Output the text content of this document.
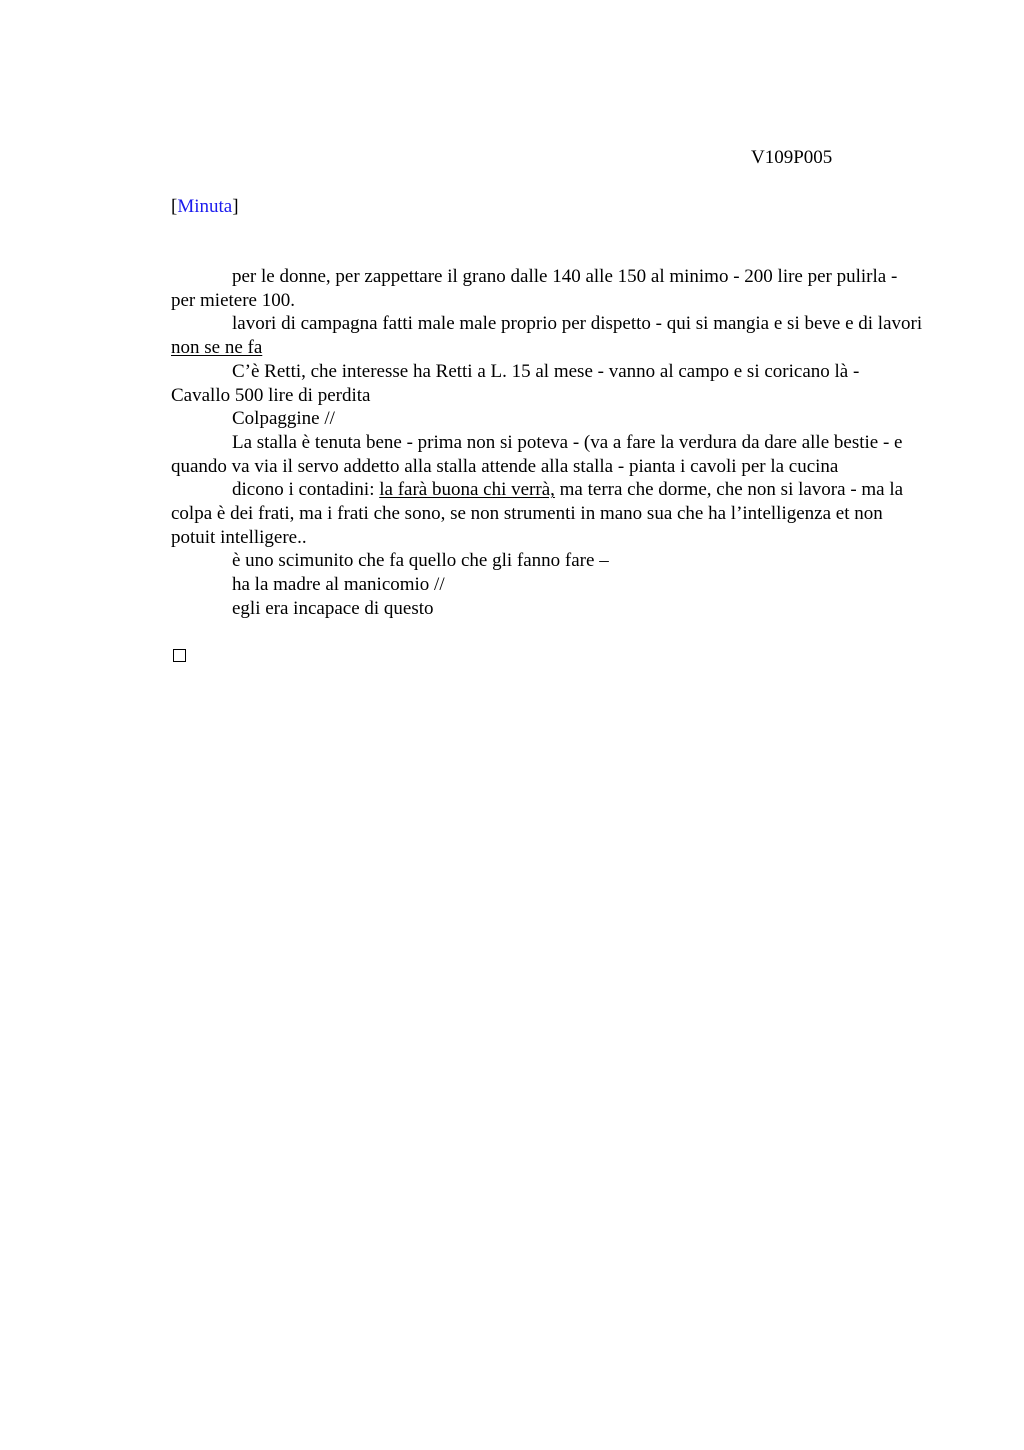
V109P005
[Minuta]

per le donne, per zappettare il grano dalle 140 alle 150 al minimo - 200 lire per pulirla - per mietere 100.

lavori di campagna fatti male male proprio per dispetto - qui si mangia e si beve e di lavori non se ne fa

C’è Retti, che interesse ha Retti a L. 15 al mese - vanno al campo e si coricano là - Cavallo 500 lire di perdita

Colpaggine //

La stalla è tenuta bene - prima non si poteva - (va a fare la verdura da dare alle bestie - e quando va via il servo addetto alla stalla attende alla stalla - pianta i cavoli per la cucina

dicono i contadini: la farà buona chi verrà, ma terra che dorme, che non si lavora - ma la colpa è dei frati, ma i frati che sono, se non strumenti in mano sua che ha l’intelligenza et non potuit intelligere..

è uno scimunito che fa quello che gli fanno fare –

ha la madre al manicomio //

egli era incapace di questo
